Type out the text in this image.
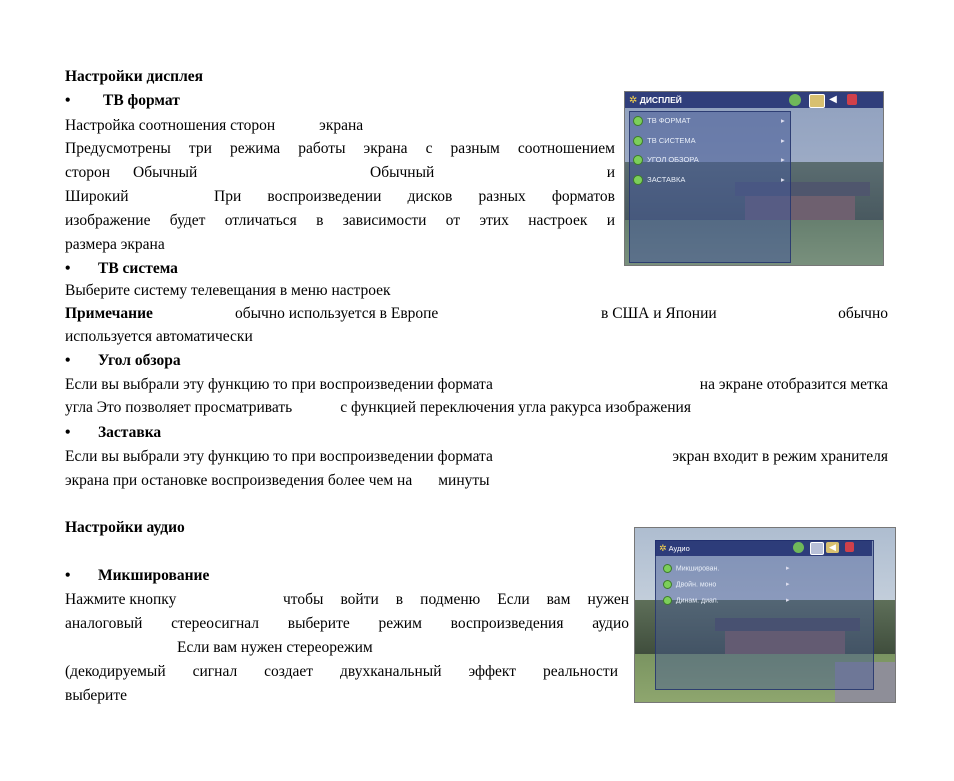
Настройки дисплея
• ТВ формат
Настройка соотношения сторон	экрана
Предусмотрены три режима работы экрана с разным соотношением
сторон Обычный	Обычный	и
Широкий	При воспроизведении дисков разных форматов
изображение будет отличаться в зависимости от этих настроек и
размера экрана
• ТВ система
Выберите систему телевещания в меню настроек
Примечание	обычно используется в Европе	в США и Японии	обычно
используется автоматически
• Угол обзора
Если вы выбрали эту функцию то при воспроизведении формата	на экране отобразится метка
угла Это позволяет просматривать	с функцией переключения угла ракурса изображения
• Заставка
Если вы выбрали эту функцию то при воспроизведении формата	экран входит в режим хранителя
экрана при остановке воспроизведения более чем на минуты
Настройки аудио
• Микширование
Нажмите кнопку	чтобы войти в подменю Если вам нужен
аналоговый стереосигнал выберите режим воспроизведения аудио
Если вам нужен стереорежим
(декодируемый сигнал создает двухканальный эффект реальности
выберите
✲ ДИСПЛЕЙ	◀
ТВ ФОРМАТ	▸
ТВ СИСТЕМА	▸
УГОЛ ОБЗОРА	▸
ЗАСТАВКА	▸
✲ Аудио	◀
Микширован.	▸
Двойн. моно	▸
Динам. диап.	▸
